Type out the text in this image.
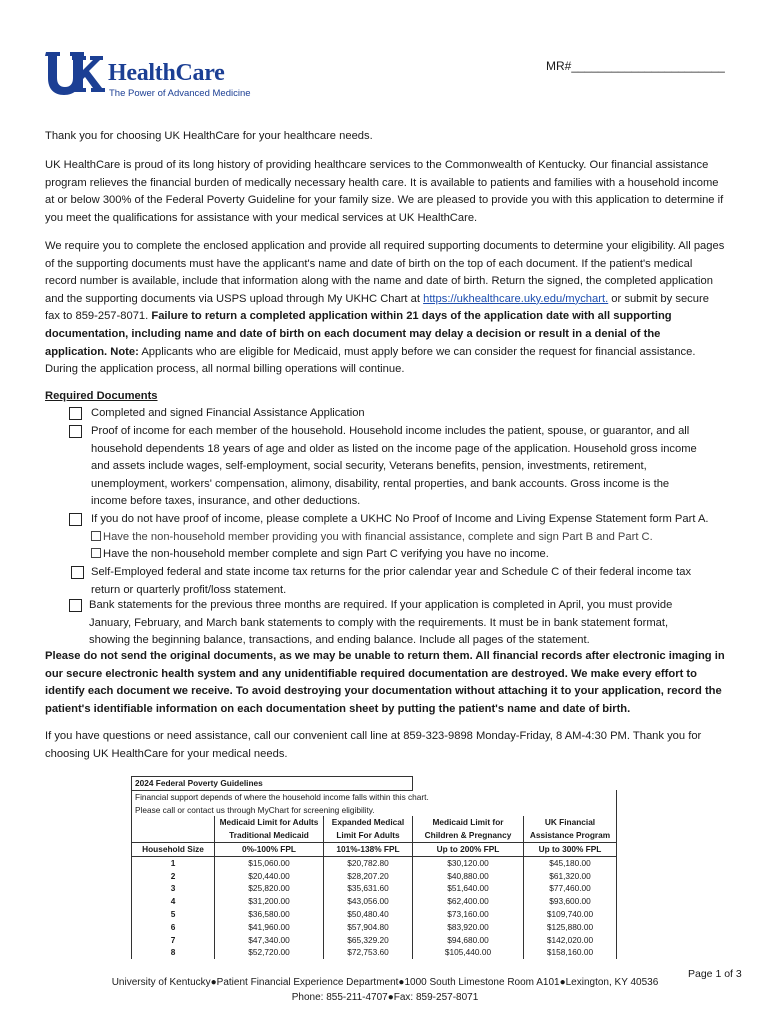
HealthCare
The Power of Advanced Medicine
MR#_______________________

Thank you for choosing UK HealthCare for your healthcare needs.

UK HealthCare is proud of its long history of providing healthcare services to the Commonwealth of Kentucky. Our financial assistance program relieves the financial burden of medically necessary health care. It is available to patients and families with a household income at or below 300% of the Federal Poverty Guideline for your family size. We are pleased to provide you with this application to determine if you meet the qualifications for assistance with your medical services at UK HealthCare.

We require you to complete the enclosed application and provide all required supporting documents to determine your eligibility. All pages of the supporting documents must have the applicant's name and date of birth on the top of each document. If the patient's medical record number is available, include that information along with the name and date of birth. Return the signed, the completed application and the supporting documents via USPS upload through My UKHC Chart at https://ukhealthcare.uky.edu/mychart. or submit by secure fax to 859-257-8071. Failure to return a completed application within 21 days of the application date with all supporting documentation, including name and date of birth on each document may delay a decision or result in a denial of the application. Note: Applicants who are eligible for Medicaid, must apply before we can consider the request for financial assistance. During the application process, all normal billing operations will continue.

Required Documents
Completed and signed Financial Assistance Application
Proof of income for each member of the household. Household income includes the patient, spouse, or guarantor, and all
household dependents 18 years of age and older as listed on the income page of the application. Household gross income
and assets include wages, self-employment, social security, Veterans benefits, pension, investments, retirement,
unemployment, workers' compensation, alimony, disability, rental properties, and bank accounts. Gross income is the
income before taxes, insurance, and other deductions.
If you do not have proof of income, please complete a UKHC No Proof of Income and Living Expense Statement form Part A.
Have the non-household member providing you with financial assistance, complete and sign Part B and Part C.
Have the non-household member complete and sign Part C verifying you have no income.
Self-Employed federal and state income tax returns for the prior calendar year and Schedule C of their federal income tax
return or quarterly profit/loss statement.
Bank statements for the previous three months are required. If your application is completed in April, you must provide
January, February, and March bank statements to comply with the requirements. It must be in bank statement format,
showing the beginning balance, transactions, and ending balance. Include all pages of the statement.

Please do not send the original documents, as we may be unable to return them. All financial records after electronic imaging in our secure electronic health system and any unidentifiable required documentation are destroyed. We make every effort to identify each document we receive. To avoid destroying your documentation without attaching it to your application, record the patient's identifiable information on each documentation sheet by putting the patient's name and date of birth.

If you have questions or need assistance, call our convenient call line at 859-323-9898 Monday-Friday, 8 AM-4:30 PM. Thank you for choosing UK HealthCare for your medical needs.

2024 Federal Poverty Guidelines				
Financial support depends of where the household income falls within this chart.				
Please call or contact us through MyChart for screening eligibility.				
	Medicaid Limit for Adults	Expanded Medical	Medicaid Limit for	UK Financial
	Traditional Medicaid	Limit For Adults	Children & Pregnancy	Assistance Program
Household Size	0%-100% FPL	101%-138% FPL	Up to 200% FPL	Up to 300% FPL
1	$15,060.00	$20,782.80	$30,120.00	$45,180.00
2	$20,440.00	$28,207.20	$40,880.00	$61,320.00
3	$25,820.00	$35,631.60	$51,640.00	$77,460.00
4	$31,200.00	$43,056.00	$62,400.00	$93,600.00
5	$36,580.00	$50,480.40	$73,160.00	$109,740.00
6	$41,960.00	$57,904.80	$83,920.00	$125,880.00
7	$47,340.00	$65,329.20	$94,680.00	$142,020.00
8	$52,720.00	$72,753.60	$105,440.00	$158,160.00
Page 1 of 3
University of Kentucky●Patient Financial Experience Department●1000 South Limestone Room A101●Lexington, KY 40536
Phone: 855-211-4707●Fax: 859-257-8071
